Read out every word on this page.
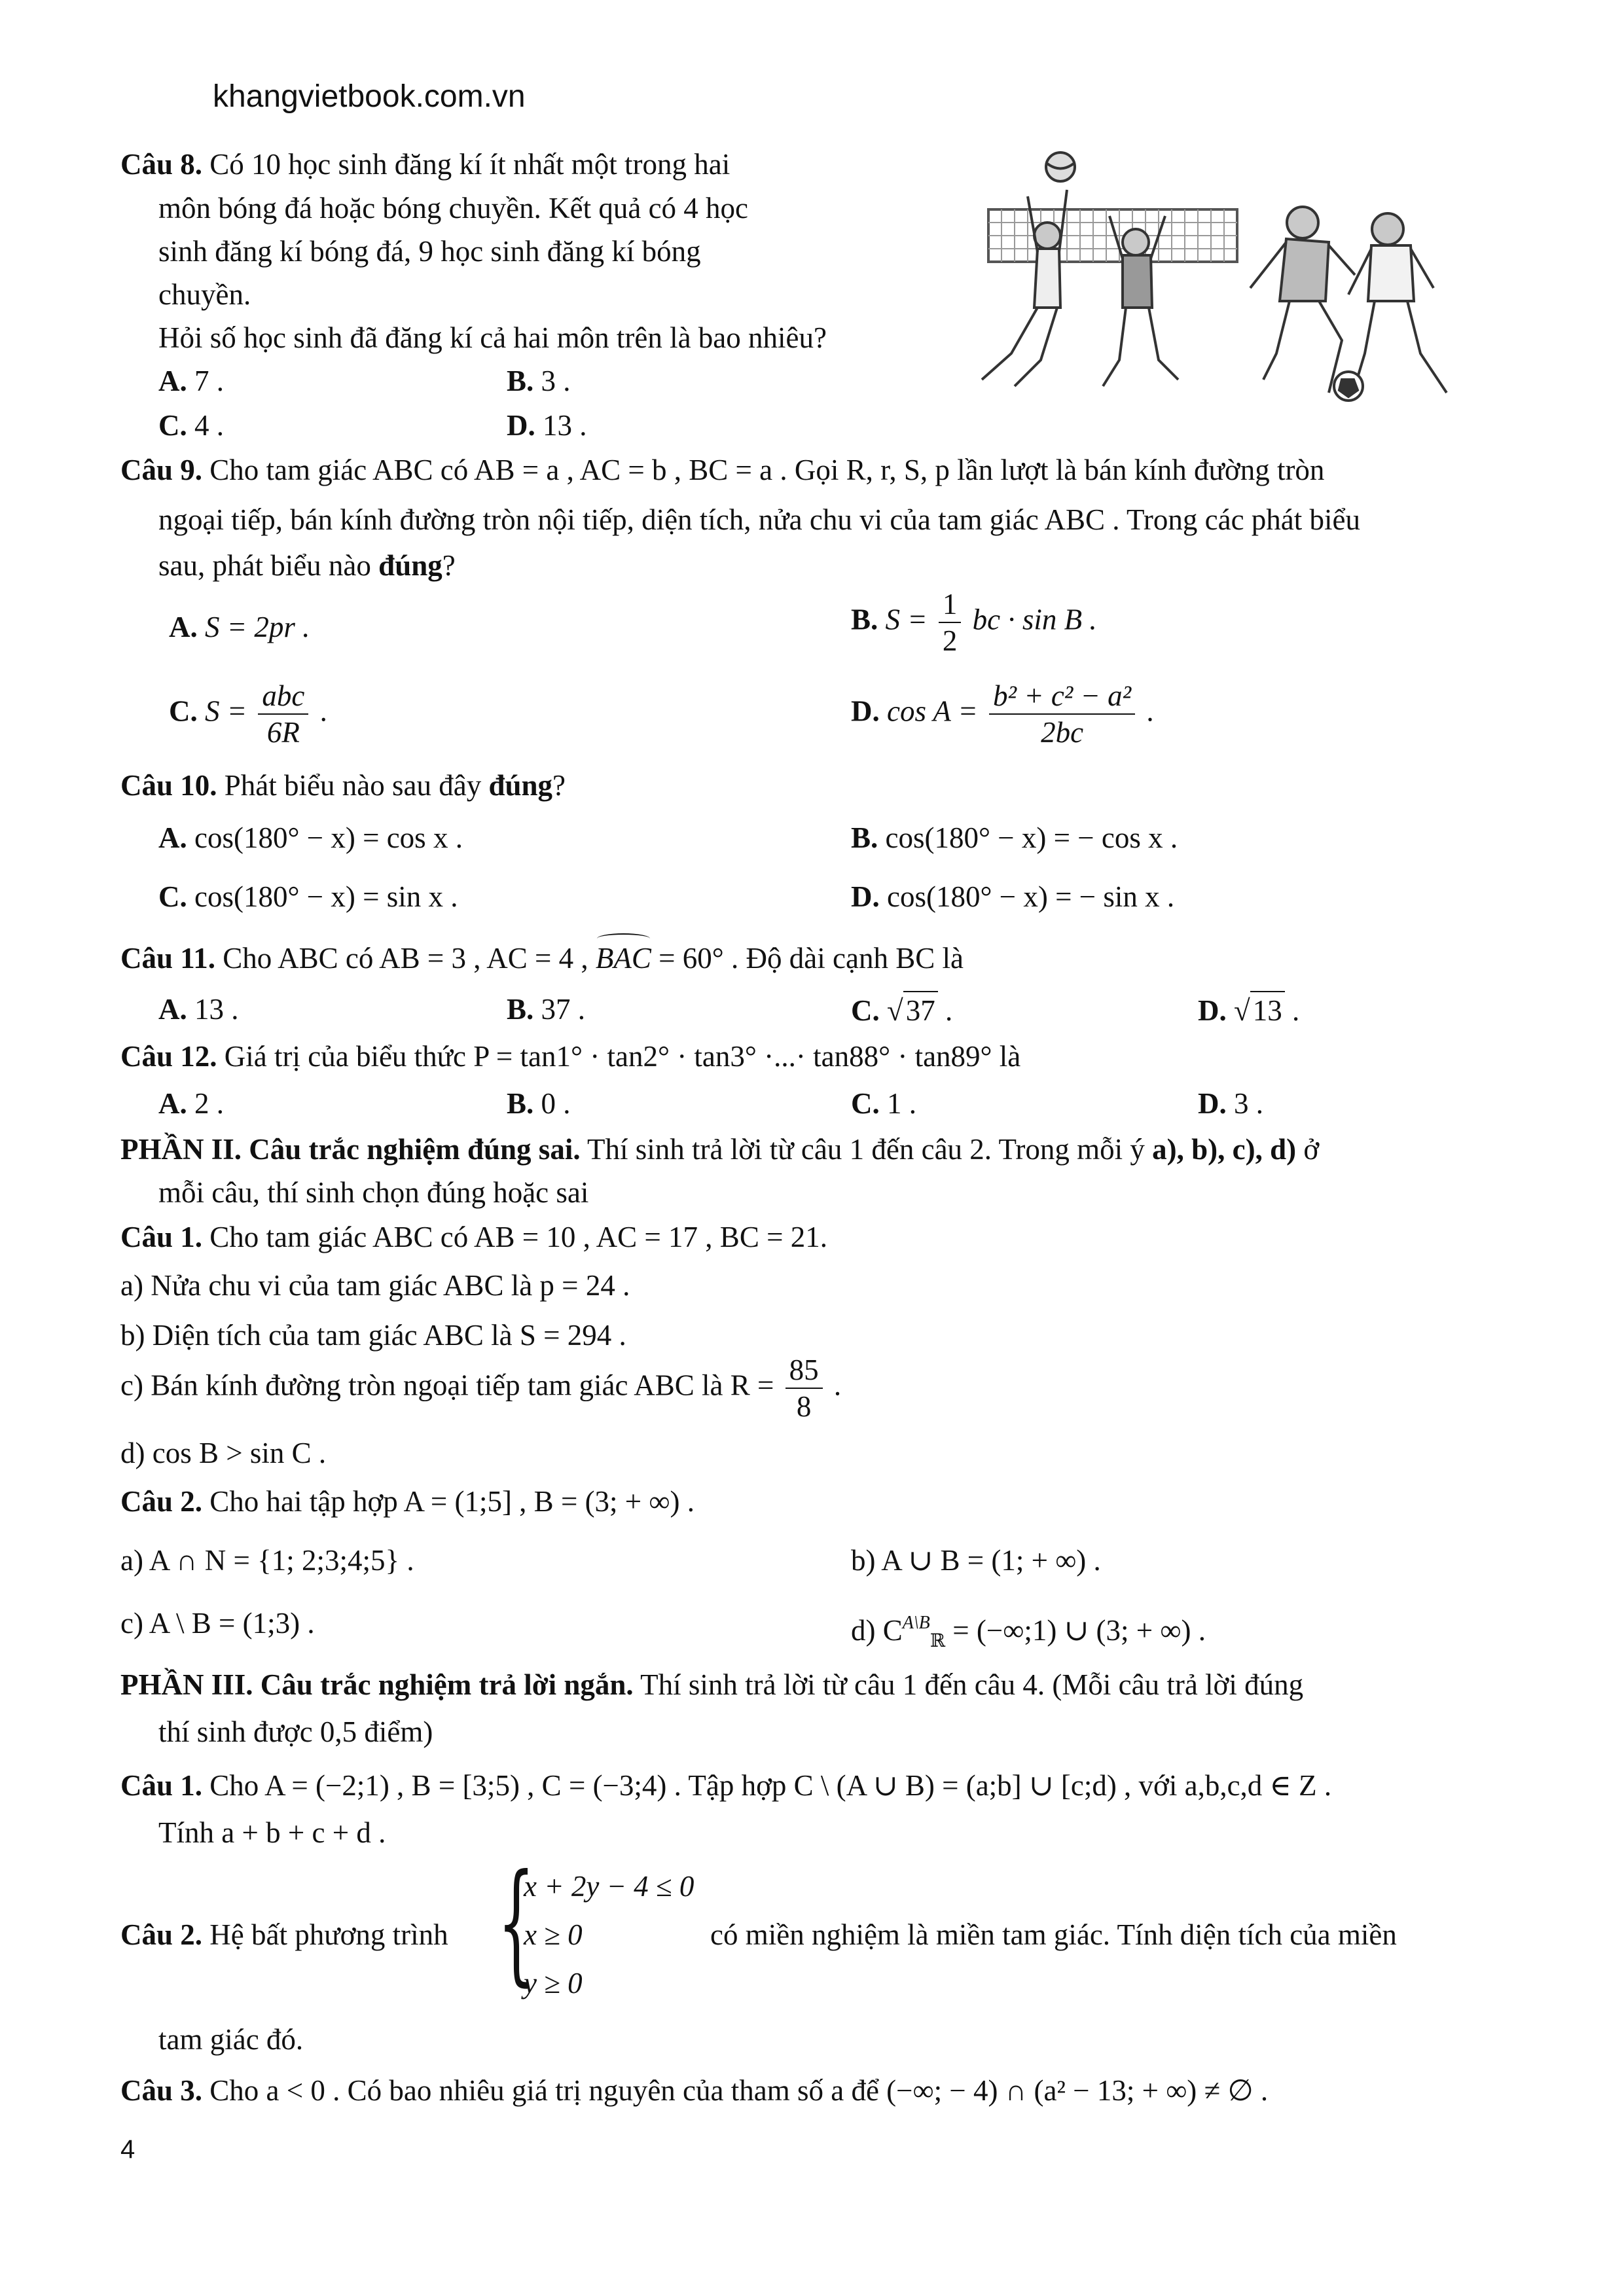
khangvietbook.com.vn
Câu 8. Có 10 học sinh đăng kí ít nhất một trong hai
môn bóng đá hoặc bóng chuyền. Kết quả có 4 học
sinh đăng kí bóng đá, 9 học sinh đăng kí bóng
chuyền.
Hỏi số học sinh đã đăng kí cả hai môn trên là bao nhiêu?
A. 7 .	B. 3 .
C. 4 .	D. 13 .
Câu 9. Cho tam giác ABC có AB = a , AC = b , BC = a . Gọi R, r, S, p lần lượt là bán kính đường tròn
ngoại tiếp, bán kính đường tròn nội tiếp, diện tích, nửa chu vi của tam giác ABC . Trong các phát biểu
sau, phát biểu nào đúng?
A. S = 2pr .	B. $S = \frac{1}{2}$ bc · sin B .
C. $S = \frac{\text{abc}}{6R}$ .	D. $\cos A = \frac{\text{b² + c² − a²}}{2bc}$ .
Câu 10. Phát biểu nào sau đây đúng?
A. cos(180° − x) = cos x .	B. cos(180° − x) = − cos x .
C. cos(180° − x) = sin x .	D. cos(180° − x) = − sin x .
Câu 11. Cho ABC có AB = 3 , AC = 4 , BAC = 60° . Độ dài cạnh BC là
A. 13 .	B. 37 .	C. √37 .	D. √13 .
Câu 12. Giá trị của biểu thức P = tan1° · tan2° · tan3° ·...· tan88° · tan89° là
A. 2 .	B. 0 .	C. 1 .	D. 3 .
PHẦN II. Câu trắc nghiệm đúng sai. Thí sinh trả lời từ câu 1 đến câu 2. Trong mỗi ý a), b), c), d) ở
mỗi câu, thí sinh chọn đúng hoặc sai
Câu 1. Cho tam giác ABC có AB = 10 , AC = 17 , BC = 21.
a) Nửa chu vi của tam giác ABC là p = 24 .
b) Diện tích của tam giác ABC là S = 294 .
c) Bán kính đường tròn ngoại tiếp tam giác ABC là $R = \frac{85}{8}$ .
d) cos B > sin C .
Câu 2. Cho hai tập hợp A = (1;5] , B = (3; + ∞) .
a) A ∩ N = {1; 2;3;4;5} .	b) A ∪ B = (1; + ∞) .
c) A \ B = (1;3) .	d) $C^{A\backslash B}_ℝ$ = (−∞;1) ∪ (3; + ∞) .
PHẦN III. Câu trắc nghiệm trả lời ngắn. Thí sinh trả lời từ câu 1 đến câu 4. (Mỗi câu trả lời đúng
thí sinh được 0,5 điểm)
Câu 1. Cho A = (−2;1) , B = [3;5) , C = (−3;4) . Tập hợp C \ (A ∪ B) = (a;b] ∪ [c;d) , với a,b,c,d ∈ Z .
Tính a + b + c + d .
Câu 2. Hệ bất phương trình {
x + 2y − 4 ≤ 0
x ≥ 0
y ≥ 0
có miền nghiệm là miền tam giác. Tính diện tích của miền
tam giác đó.
Câu 3. Cho a < 0 . Có bao nhiêu giá trị nguyên của tham số a để (−∞; − 4) ∩ (a² − 13; + ∞) ≠ ∅ .
4
